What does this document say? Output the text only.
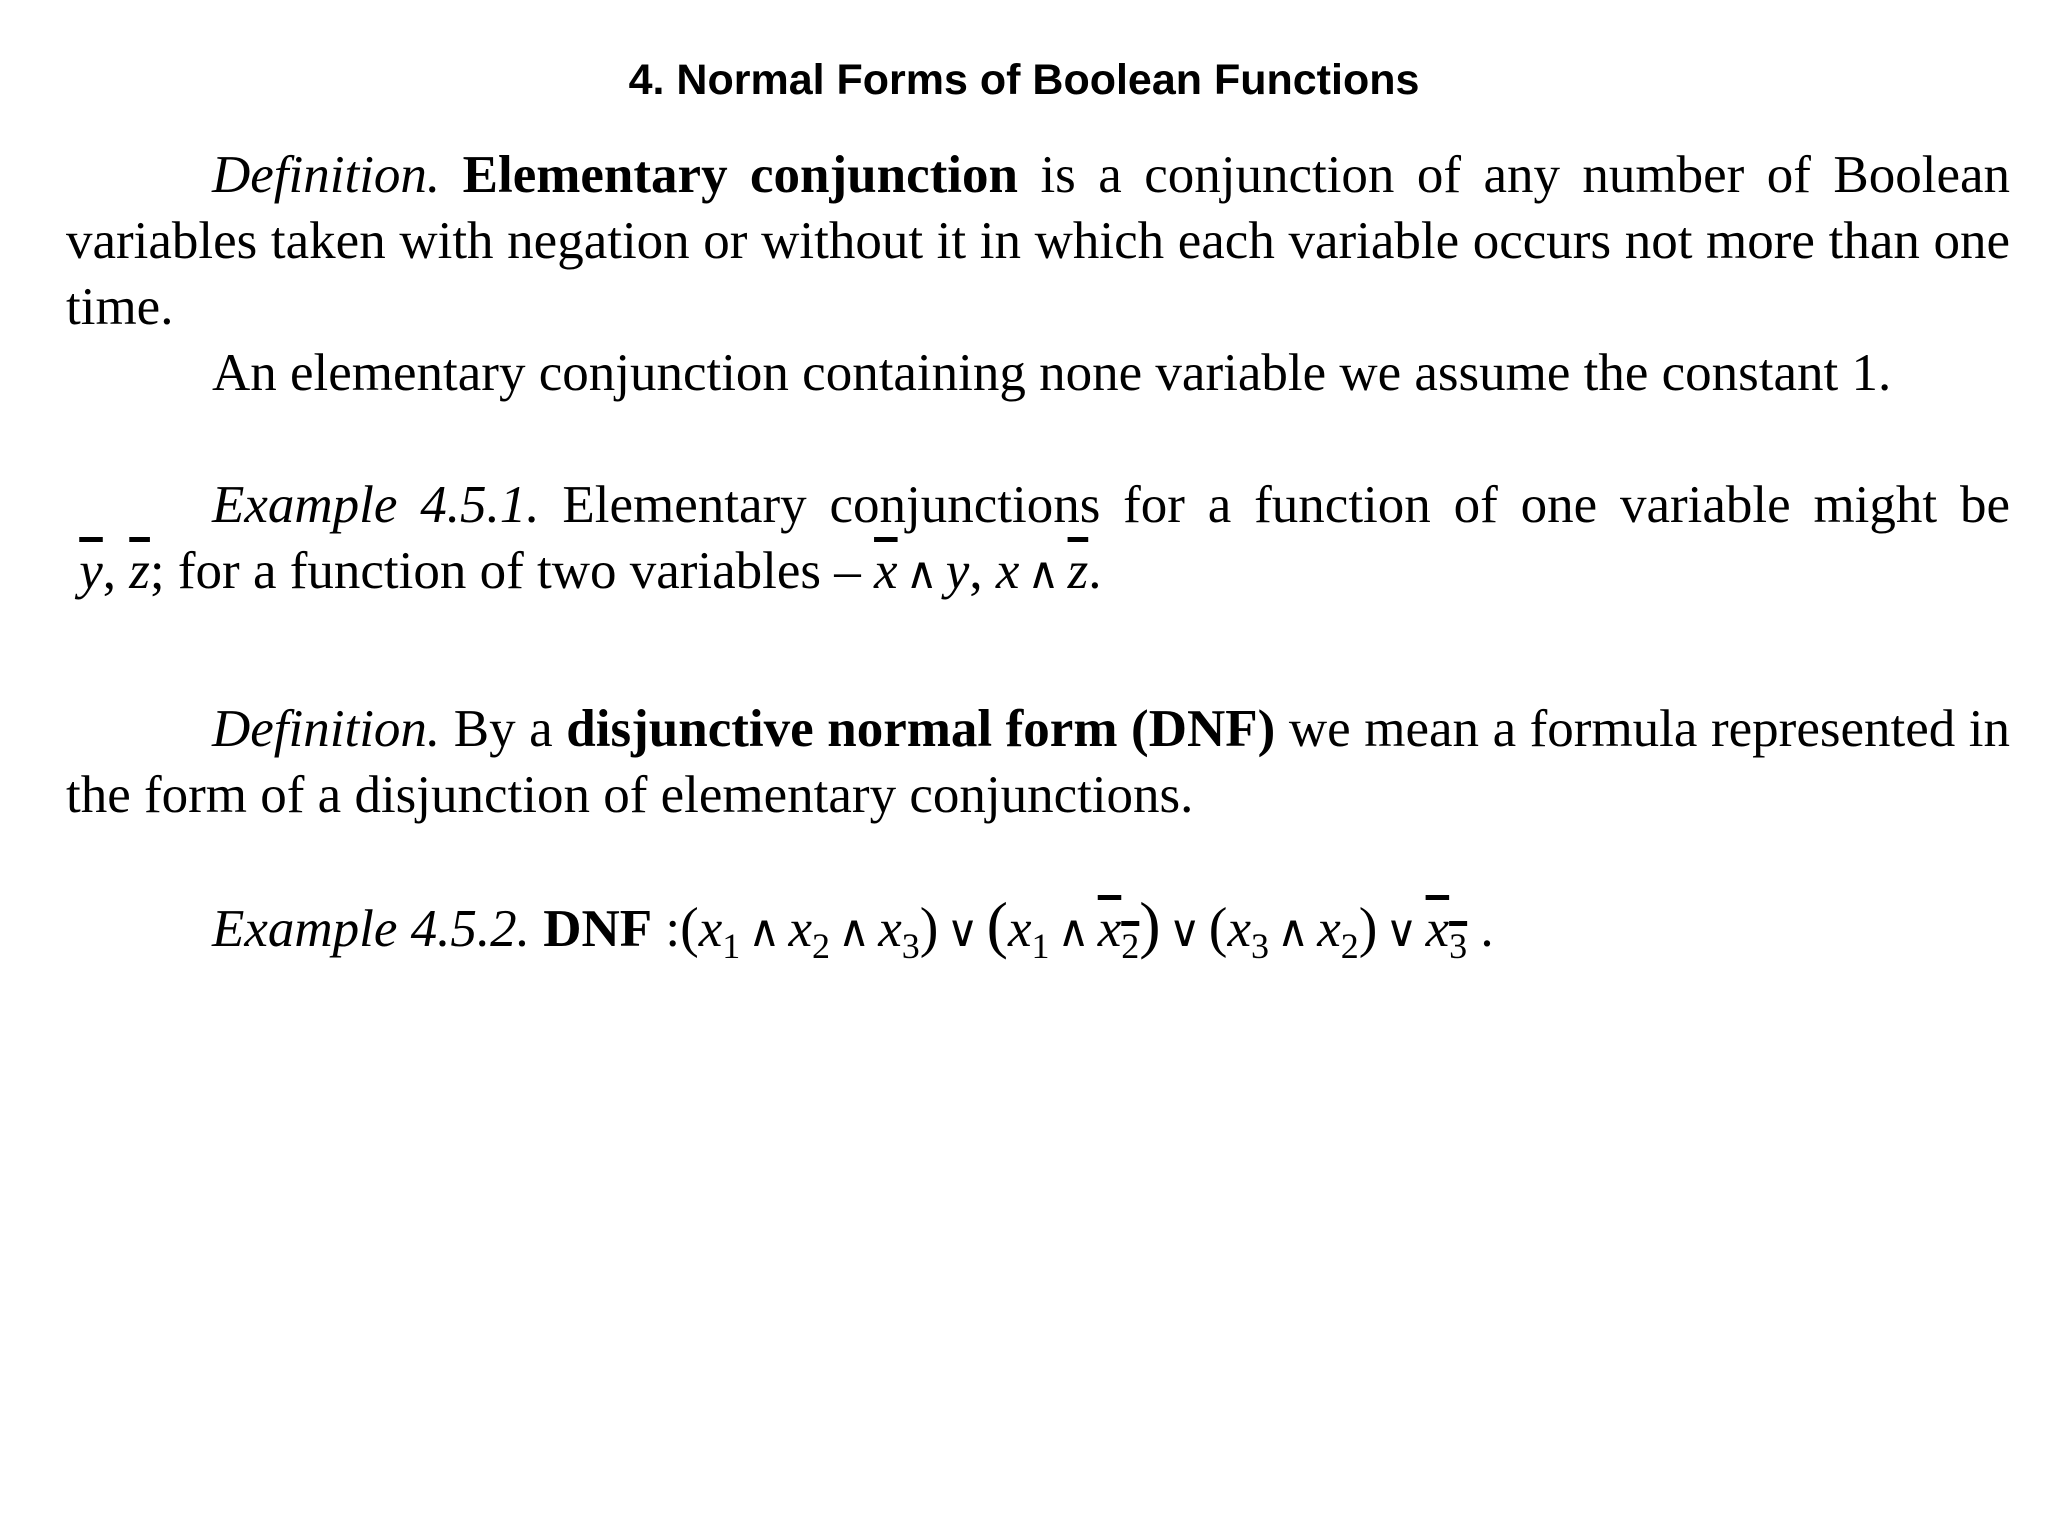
4. Normal Forms of Boolean Functions
Definition. Elementary conjunction is a conjunction of any number of Boolean variables taken with negation or without it in which each variable occurs not more than one time.
An elementary conjunction containing none variable we assume the constant 1.
Example 4.5.1. Elementary conjunctions for a function of one variable might be  $\overline{y}$, $\overline{z}$; for a function of two variables – $\overline{x}$ ∧ y, x ∧ $\overline{z}$.
Definition. By a disjunctive normal form (DNF) we mean a formula represented in the form of a disjunction of elementary conjunctions.
Example 4.5.2. DNF $:(x_1$ ∧ $x_2$ ∧ $x_3$) ∨ ($x_1$ ∧ $x_2$) ∨ ($x_3$ ∧ $x_2$) ∨ $x_3$ .
